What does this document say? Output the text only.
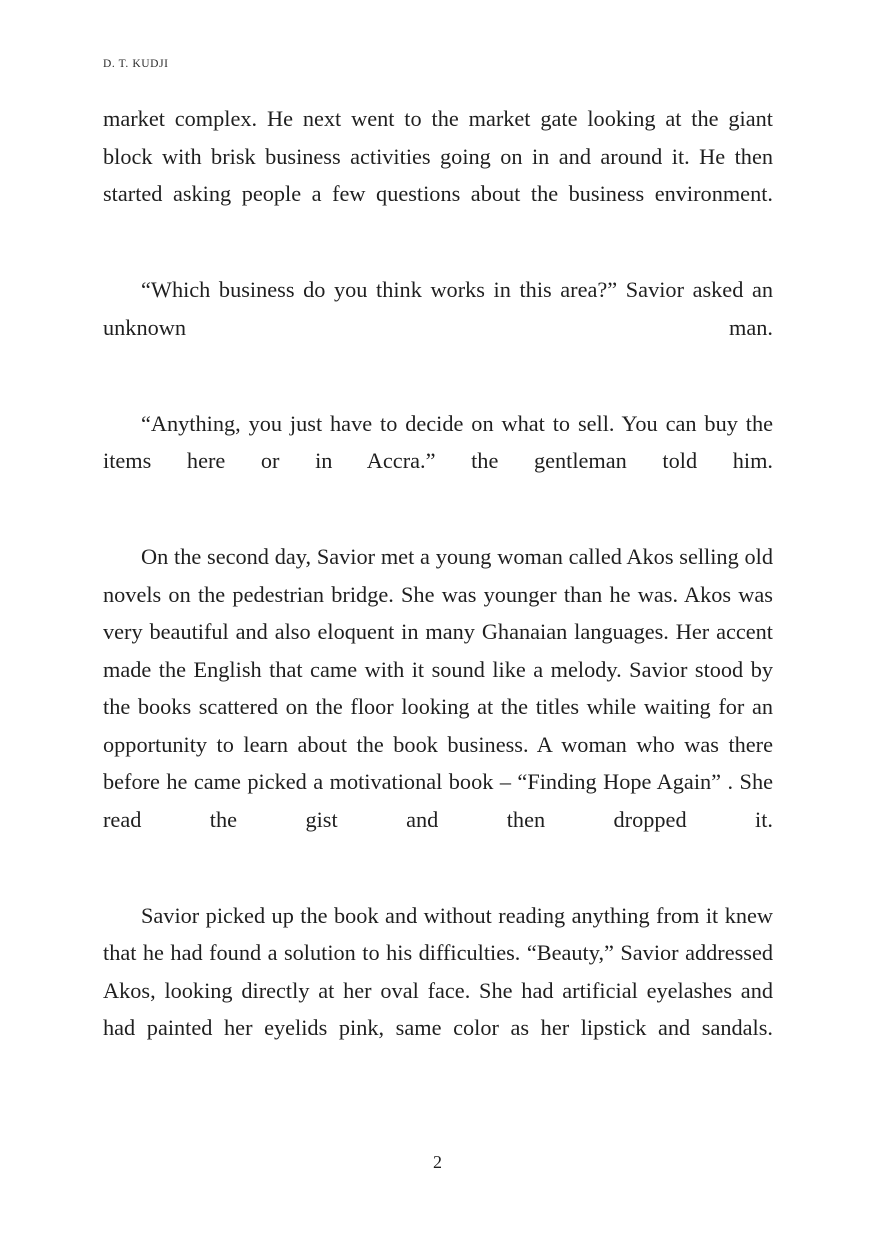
D. T. KUDJI

market complex. He next went to the market gate looking at the giant block with brisk business activities going on in and around it. He then started asking people a few questions about the business environment.

“Which business do you think works in this area?” Savior asked an unknown man.

“Anything, you just have to decide on what to sell. You can buy the items here or in Accra.” the gentleman told him.

On the second day, Savior met a young woman called Akos selling old novels on the pedestrian bridge. She was younger than he was. Akos was very beautiful and also eloquent in many Ghanaian languages. Her accent made the English that came with it sound like a melody. Savior stood by the books scattered on the floor looking at the titles while waiting for an opportunity to learn about the book business. A woman who was there before he came picked a motivational book – “Finding Hope Again” . She read the gist and then dropped it.

Savior picked up the book and without reading anything from it knew that he had found a solution to his difficulties. “Beauty,” Savior addressed Akos, looking directly at her oval face. She had artificial eyelashes and had painted her eyelids pink, same color as her lipstick and sandals.

2
